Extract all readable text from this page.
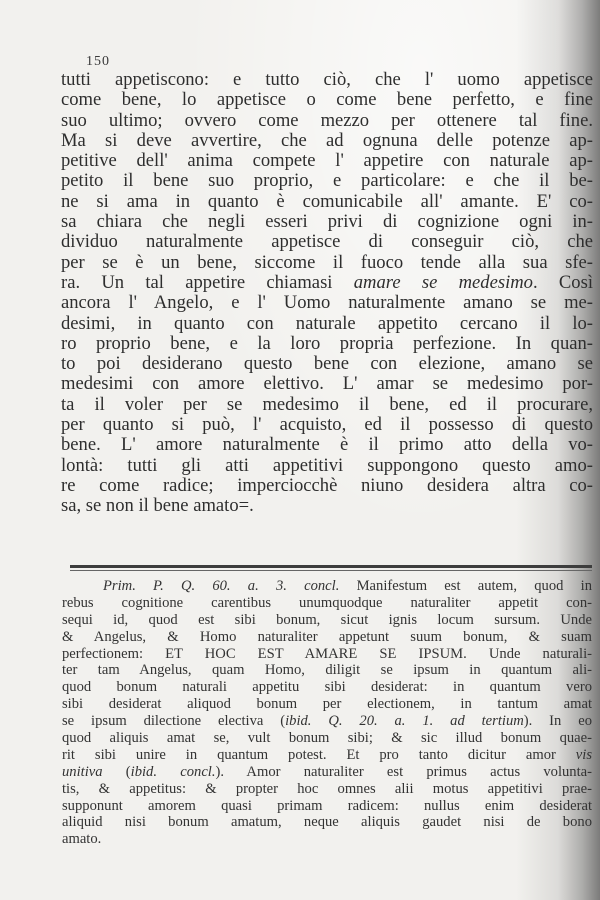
150
tutti appetiscono: e tutto ciò, che l' uomo appetisce
come bene, lo appetisce o come bene perfetto, e fine
suo ultimo; ovvero come mezzo per ottenere tal fine.
Ma si deve avvertire, che ad ognuna delle potenze ap-
petitive dell' anima compete l' appetire con naturale ap-
petito il bene suo proprio, e particolare: e che il be-
ne si ama in quanto è comunicabile all' amante. E' co-
sa chiara che negli esseri privi di cognizione ogni in-
dividuo naturalmente appetisce di conseguir ciò, che
per se è un bene, siccome il fuoco tende alla sua sfe-
ra. Un tal appetire chiamasi amare se medesimo. Così
ancora l' Angelo, e l' Uomo naturalmente amano se me-
desimi, in quanto con naturale appetito cercano il lo-
ro proprio bene, e la loro propria perfezione. In quan-
to poi desiderano questo bene con elezione, amano se
medesimi con amore elettivo. L' amar se medesimo por-
ta il voler per se medesimo il bene, ed il procurare,
per quanto si può, l' acquisto, ed il possesso di questo
bene. L' amore naturalmente è il primo atto della vo-
lontà: tutti gli atti appetitivi suppongono questo amo-
re come radice; imperciocchè niuno desidera altra co-
sa, se non il bene amato=.
Prim. P. Q. 60. a. 3. concl. Manifestum est autem, quod in
rebus cognitione carentibus unumquodque naturaliter appetit con-
sequi id, quod est sibi bonum, sicut ignis locum sursum. Unde
& Angelus, & Homo naturaliter appetunt suum bonum, & suam
perfectionem: ET HOC EST AMARE SE IPSUM. Unde naturali-
ter tam Angelus, quam Homo, diligit se ipsum in quantum ali-
quod bonum naturali appetitu sibi desiderat: in quantum vero
sibi desiderat aliquod bonum per electionem, in tantum amat
se ipsum dilectione electiva (ibid. Q. 20. a. 1. ad tertium). In eo
quod aliquis amat se, vult bonum sibi; & sic illud bonum quae-
rit sibi unire in quantum potest. Et pro tanto dicitur amor vis
unitiva (ibid. concl.). Amor naturaliter est primus actus volunta-
tis, & appetitus: & propter hoc omnes alii motus appetitivi prae-
supponunt amorem quasi primam radicem: nullus enim desiderat
aliquid nisi bonum amatum, neque aliquis gaudet nisi de bono
amato.
